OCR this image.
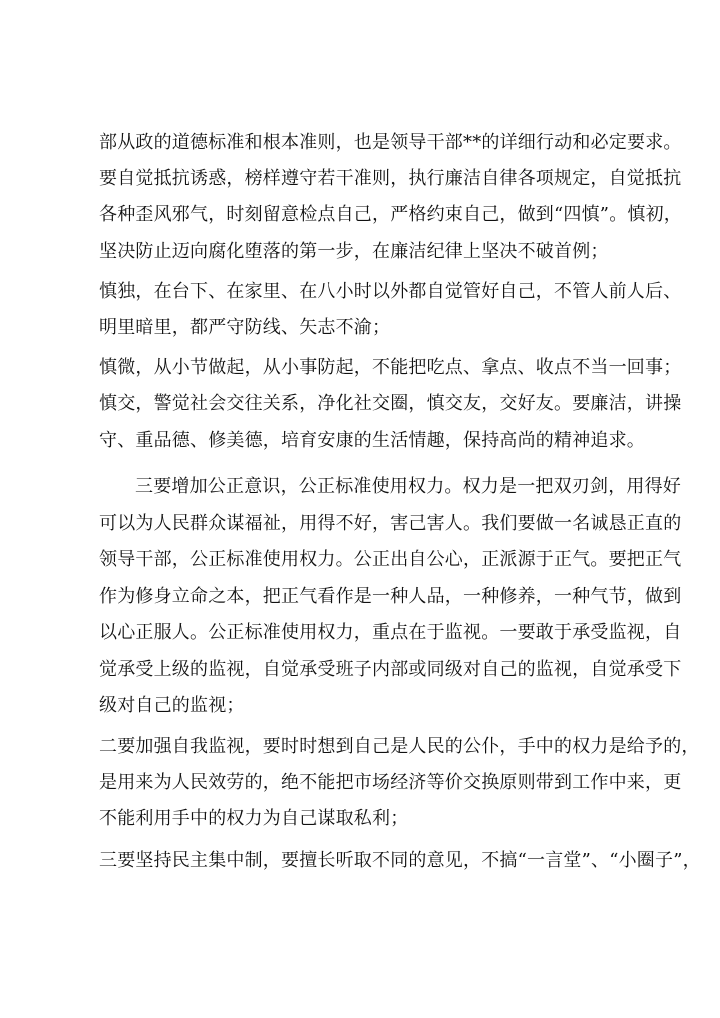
部从政的道德标准和根本准则，也是领导干部**的详细行动和必定要求。
要自觉抵抗诱惑，榜样遵守若干准则，执行廉洁自律各项规定，自觉抵抗
各种歪风邪气，时刻留意检点自己，严格约束自己，做到“四慎”。慎初，
坚决防止迈向腐化堕落的第一步，在廉洁纪律上坚决不破首例；
慎独，在台下、在家里、在八小时以外都自觉管好自己，不管人前人后、
明里暗里，都严守防线、矢志不渝；
慎微，从小节做起，从小事防起，不能把吃点、拿点、收点不当一回事；
慎交，警觉社会交往关系，净化社交圈，慎交友，交好友。要廉洁，讲操
守、重品德、修美德，培育安康的生活情趣，保持高尚的精神追求。
三要增加公正意识，公正标准使用权力。权力是一把双刃剑，用得好
可以为人民群众谋福祉，用得不好，害己害人。我们要做一名诚恳正直的
领导干部，公正标准使用权力。公正出自公心，正派源于正气。要把正气
作为修身立命之本，把正气看作是一种人品，一种修养，一种气节，做到
以心正服人。公正标准使用权力，重点在于监视。一要敢于承受监视，自
觉承受上级的监视，自觉承受班子内部或同级对自己的监视，自觉承受下
级对自己的监视；
二要加强自我监视，要时时想到自己是人民的公仆，手中的权力是给予的，
是用来为人民效劳的，绝不能把市场经济等价交换原则带到工作中来，更
不能利用手中的权力为自己谋取私利；
三要坚持民主集中制，要擅长听取不同的意见，不搞“一言堂”、“小圈子”，
